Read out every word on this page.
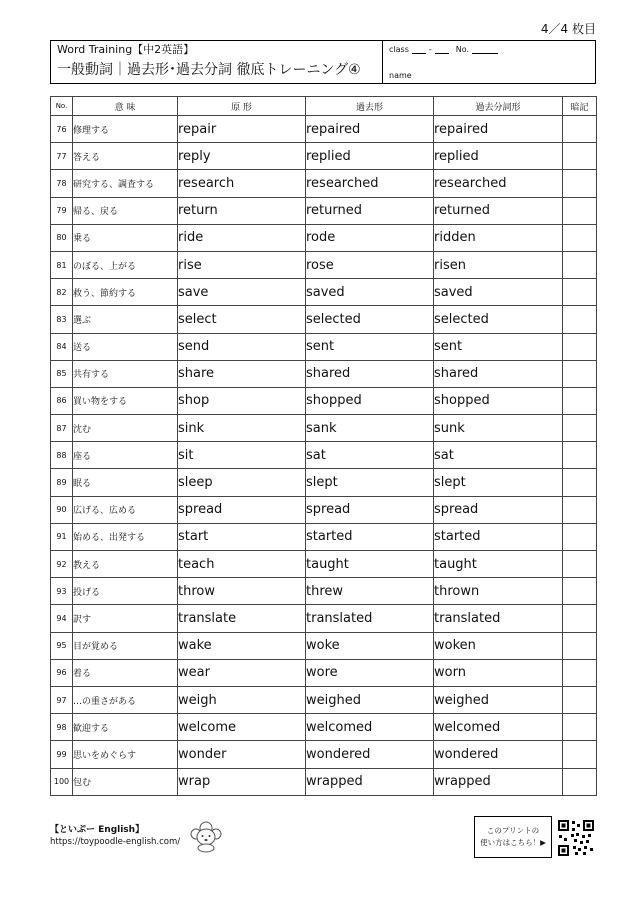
4／4 枚目
Word Training【中2英語】
一般動詞｜過去形･過去分詞 徹底トレーニング④
class	-	No.
name
No.	意 味	原 形	過去形	過去分詞形	暗記
76	修理する	repair	repaired	repaired	
77	答える	reply	replied	replied	
78	研究する、調査する	research	researched	researched	
79	帰る、戻る	return	returned	returned	
80	乗る	ride	rode	ridden	
81	のぼる、上がる	rise	rose	risen	
82	救う、節約する	save	saved	saved	
83	選ぶ	select	selected	selected	
84	送る	send	sent	sent	
85	共有する	share	shared	shared	
86	買い物をする	shop	shopped	shopped	
87	沈む	sink	sank	sunk	
88	座る	sit	sat	sat	
89	眠る	sleep	slept	slept	
90	広げる、広める	spread	spread	spread	
91	始める、出発する	start	started	started	
92	教える	teach	taught	taught	
93	投げる	throw	threw	thrown	
94	訳す	translate	translated	translated	
95	目が覚める	wake	woke	woken	
96	着る	wear	wore	worn	
97	…の重さがある	weigh	weighed	weighed	
98	歓迎する	welcome	welcomed	welcomed	
99	思いをめぐらす	wonder	wondered	wondered	
100	包む	wrap	wrapped	wrapped	
【といぷー English】
https://toypoodle-english.com/
このプリントの
使い方はこちら！▶
